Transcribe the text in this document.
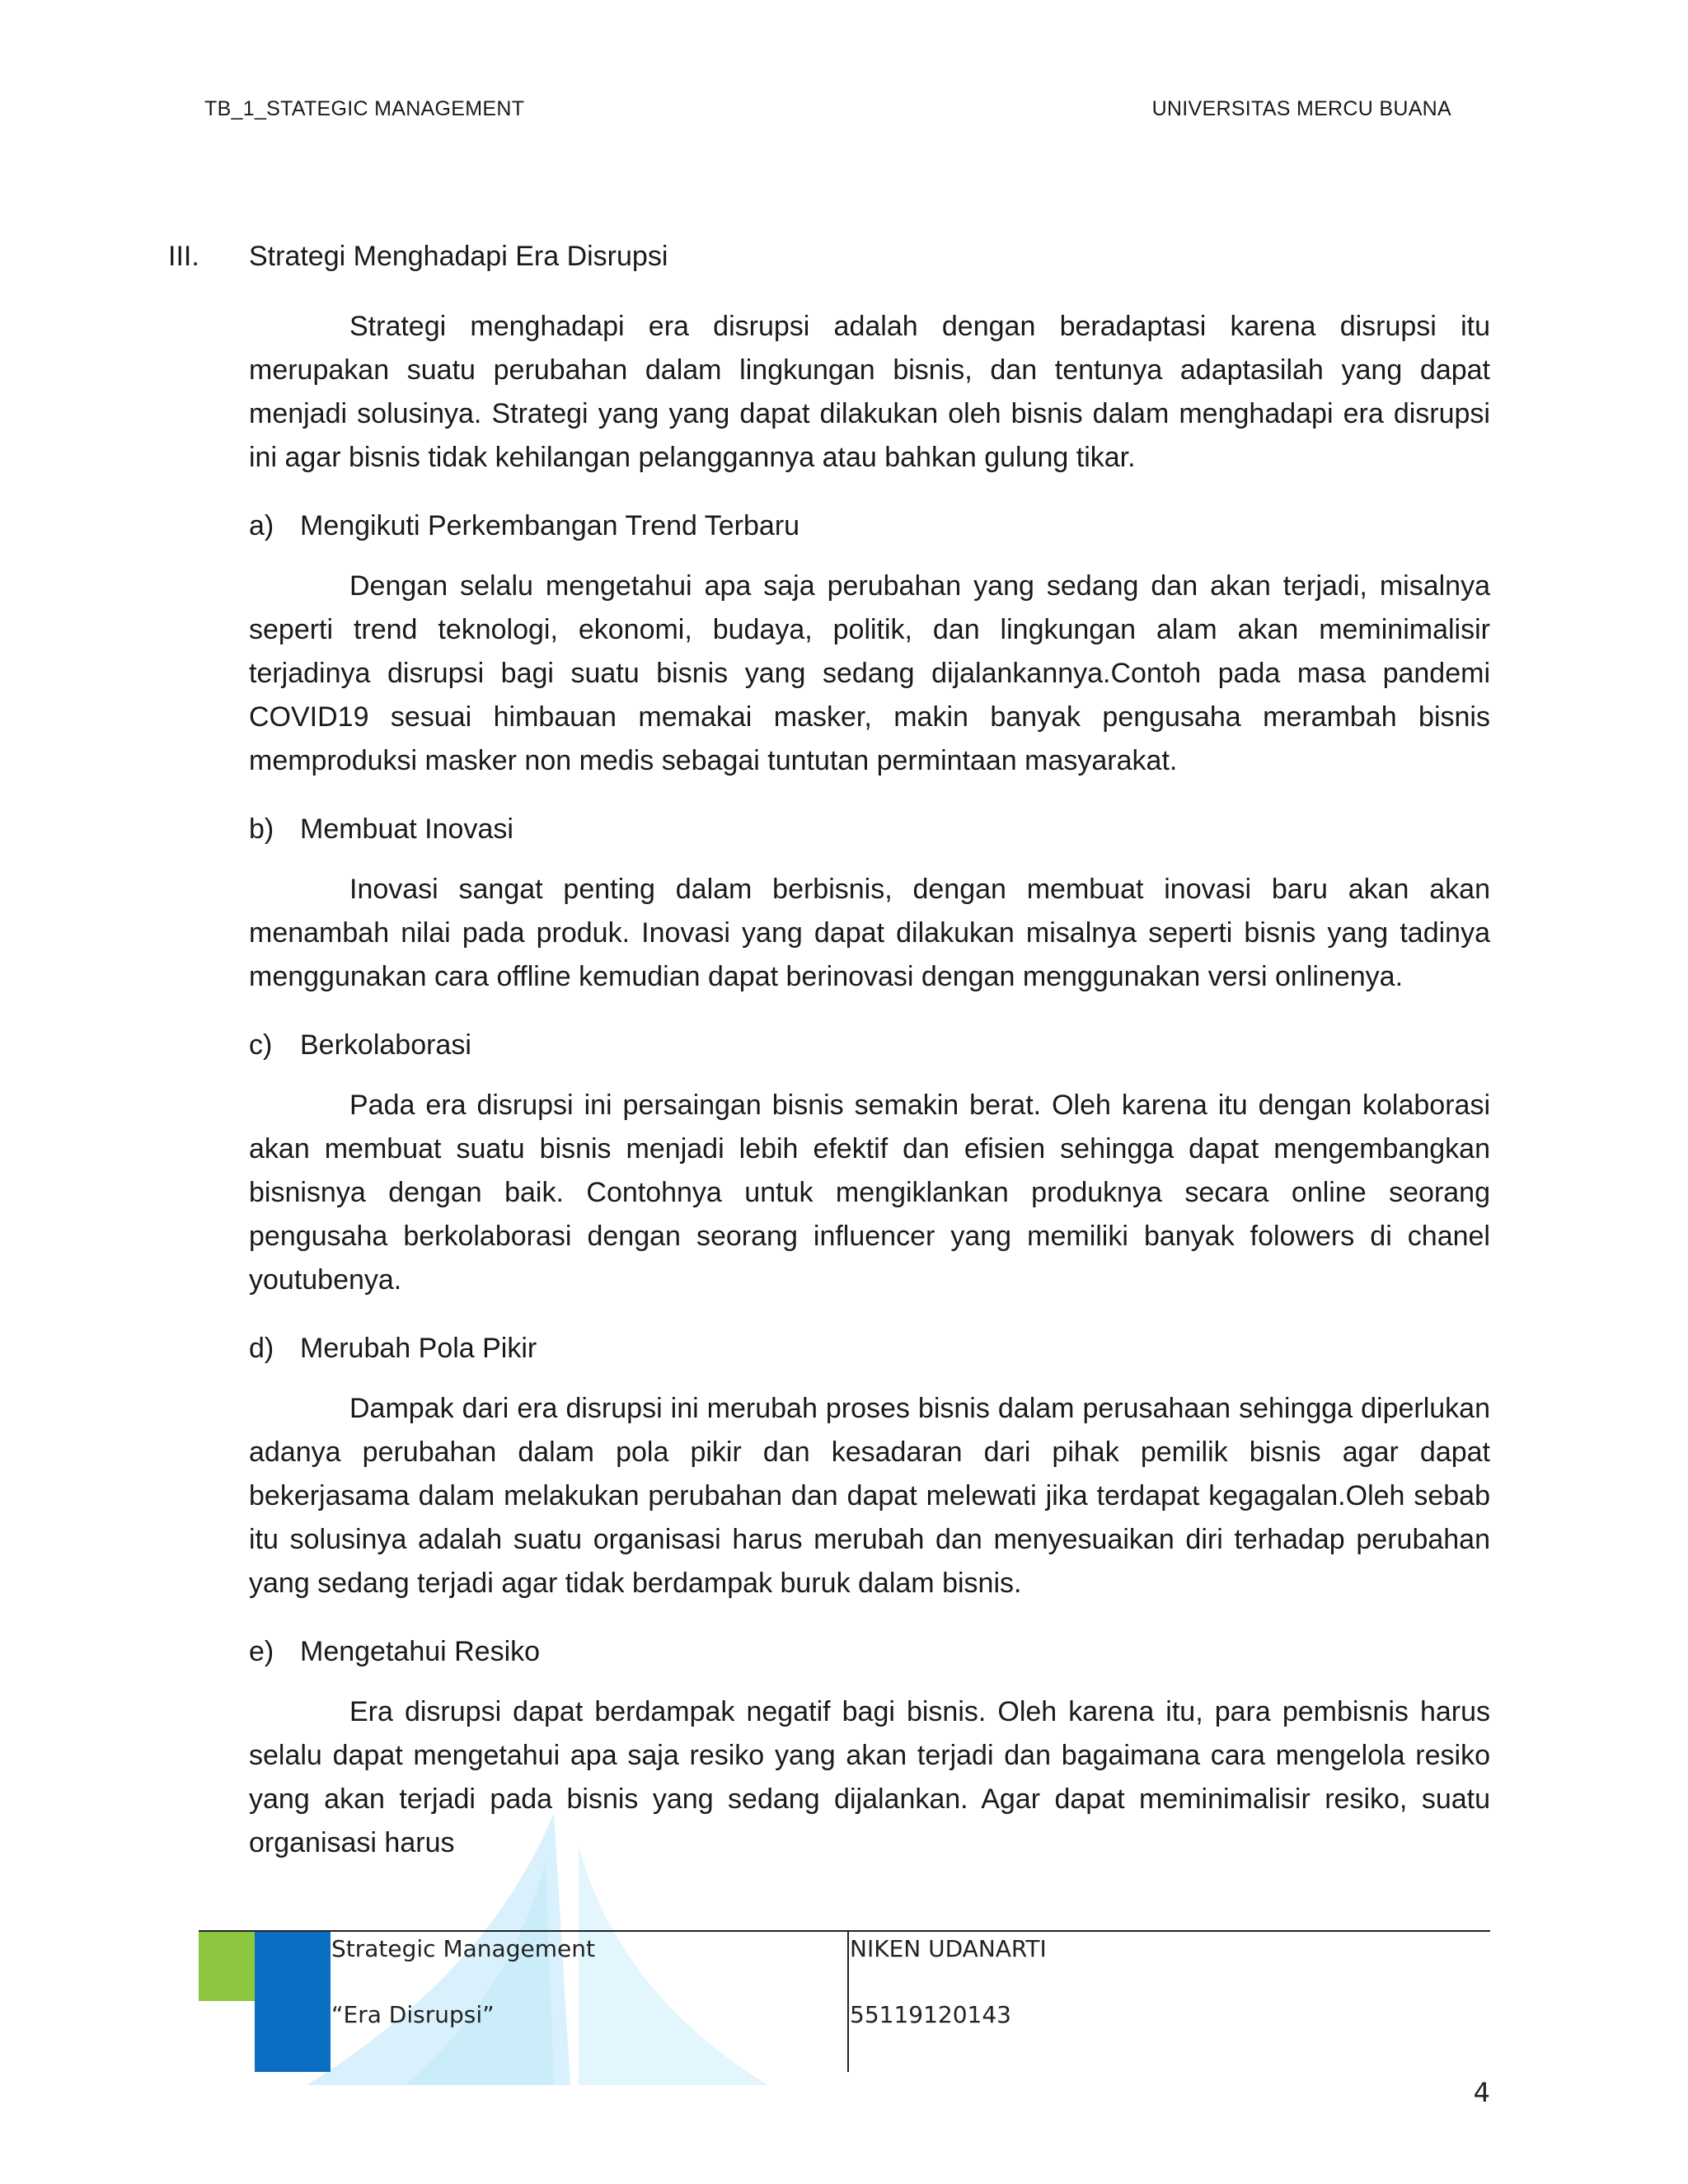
TB_1_STATEGIC MANAGEMENT	UNIVERSITAS MERCU BUANA
III. Strategi Menghadapi Era Disrupsi
Strategi menghadapi era disrupsi adalah dengan beradaptasi karena disrupsi itu merupakan suatu perubahan dalam lingkungan bisnis, dan tentunya adaptasilah yang dapat menjadi solusinya. Strategi yang yang dapat dilakukan oleh bisnis dalam menghadapi era disrupsi ini agar bisnis tidak kehilangan pelanggannya atau bahkan gulung tikar.
a) Mengikuti Perkembangan Trend Terbaru
Dengan selalu mengetahui apa saja perubahan yang sedang dan akan terjadi, misalnya seperti trend teknologi, ekonomi, budaya, politik, dan lingkungan alam akan meminimalisir terjadinya disrupsi bagi suatu bisnis yang sedang dijalankannya.Contoh pada masa pandemi COVID19 sesuai himbauan memakai masker, makin banyak pengusaha merambah bisnis memproduksi masker non medis sebagai tuntutan permintaan masyarakat.
b) Membuat Inovasi
Inovasi sangat penting dalam berbisnis, dengan membuat inovasi baru akan akan menambah nilai pada produk. Inovasi yang dapat dilakukan misalnya seperti bisnis yang tadinya menggunakan cara offline kemudian dapat berinovasi dengan menggunakan versi onlinenya.
c) Berkolaborasi
Pada era disrupsi ini persaingan bisnis semakin berat. Oleh karena itu dengan kolaborasi akan membuat suatu bisnis menjadi lebih efektif dan efisien sehingga dapat mengembangkan bisnisnya dengan baik. Contohnya untuk mengiklankan produknya secara online seorang pengusaha berkolaborasi dengan seorang influencer yang memiliki banyak folowers di chanel youtubenya.
d) Merubah Pola Pikir
Dampak dari era disrupsi ini merubah proses bisnis dalam perusahaan sehingga diperlukan adanya perubahan dalam pola pikir dan kesadaran dari pihak pemilik bisnis agar dapat bekerjasama dalam melakukan perubahan dan dapat melewati jika terdapat kegagalan.Oleh sebab itu solusinya adalah suatu organisasi harus merubah dan menyesuaikan diri terhadap perubahan yang sedang terjadi agar tidak berdampak buruk dalam bisnis.
e) Mengetahui Resiko
Era disrupsi dapat berdampak negatif bagi bisnis. Oleh karena itu, para pembisnis harus selalu dapat mengetahui apa saja resiko yang akan terjadi dan bagaimana cara mengelola resiko yang akan terjadi pada bisnis yang sedang dijalankan. Agar dapat meminimalisir resiko, suatu organisasi harus
Strategic Management
“Era Disrupsi”
NIKEN UDANARTI
55119120143
4
